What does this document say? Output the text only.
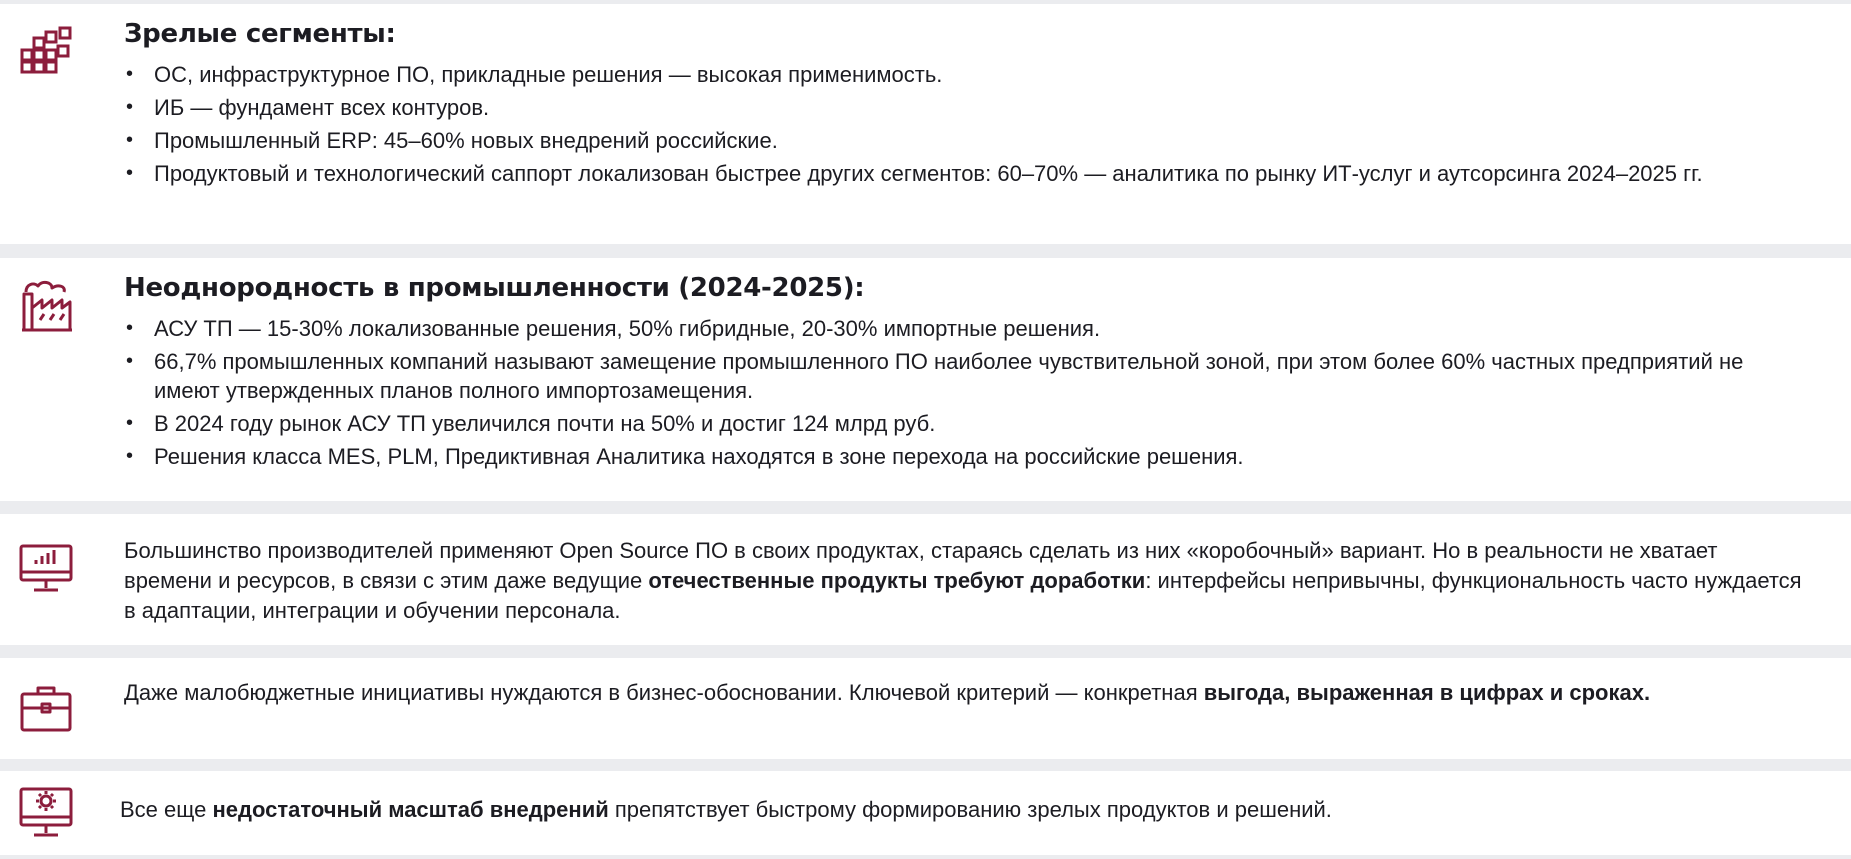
Зрелые сегменты:
• ОС, инфраструктурное ПО, прикладные решения — высокая применимость.
• ИБ — фундамент всех контуров.
• Промышленный ERP: 45–60% новых внедрений российские.
• Продуктовый и технологический саппорт локализован быстрее других сегментов: 60–70% — аналитика по рынку ИТ-услуг и аутсорсинга 2024–2025 гг.
Неоднородность в промышленности (2024-2025):
• АСУ ТП — 15-30% локализованные решения, 50% гибридные, 20-30% импортные решения.
• 66,7% промышленных компаний называют замещение промышленного ПО наиболее чувствительной зоной, при этом более 60% частных предприятий не имеют утвержденных планов полного импортозамещения.
• В 2024 году рынок АСУ ТП увеличился почти на 50% и достиг 124 млрд руб.
• Решения класса MES, PLM, Предиктивная Аналитика находятся в зоне перехода на российские решения.

Большинство производителей применяют Open Source ПО в своих продуктах, стараясь сделать из них «коробочный» вариант. Но в реальности не хватает времени и ресурсов, в связи с этим даже ведущие отечественные продукты требуют доработки: интерфейсы непривычны, функциональность часто нуждается в адаптации, интеграции и обучении персонала.

Даже малобюджетные инициативы нуждаются в бизнес-обосновании. Ключевой критерий — конкретная выгода, выраженная в цифрах и сроках.

Все еще недостаточный масштаб внедрений препятствует быстрому формированию зрелых продуктов и решений.
